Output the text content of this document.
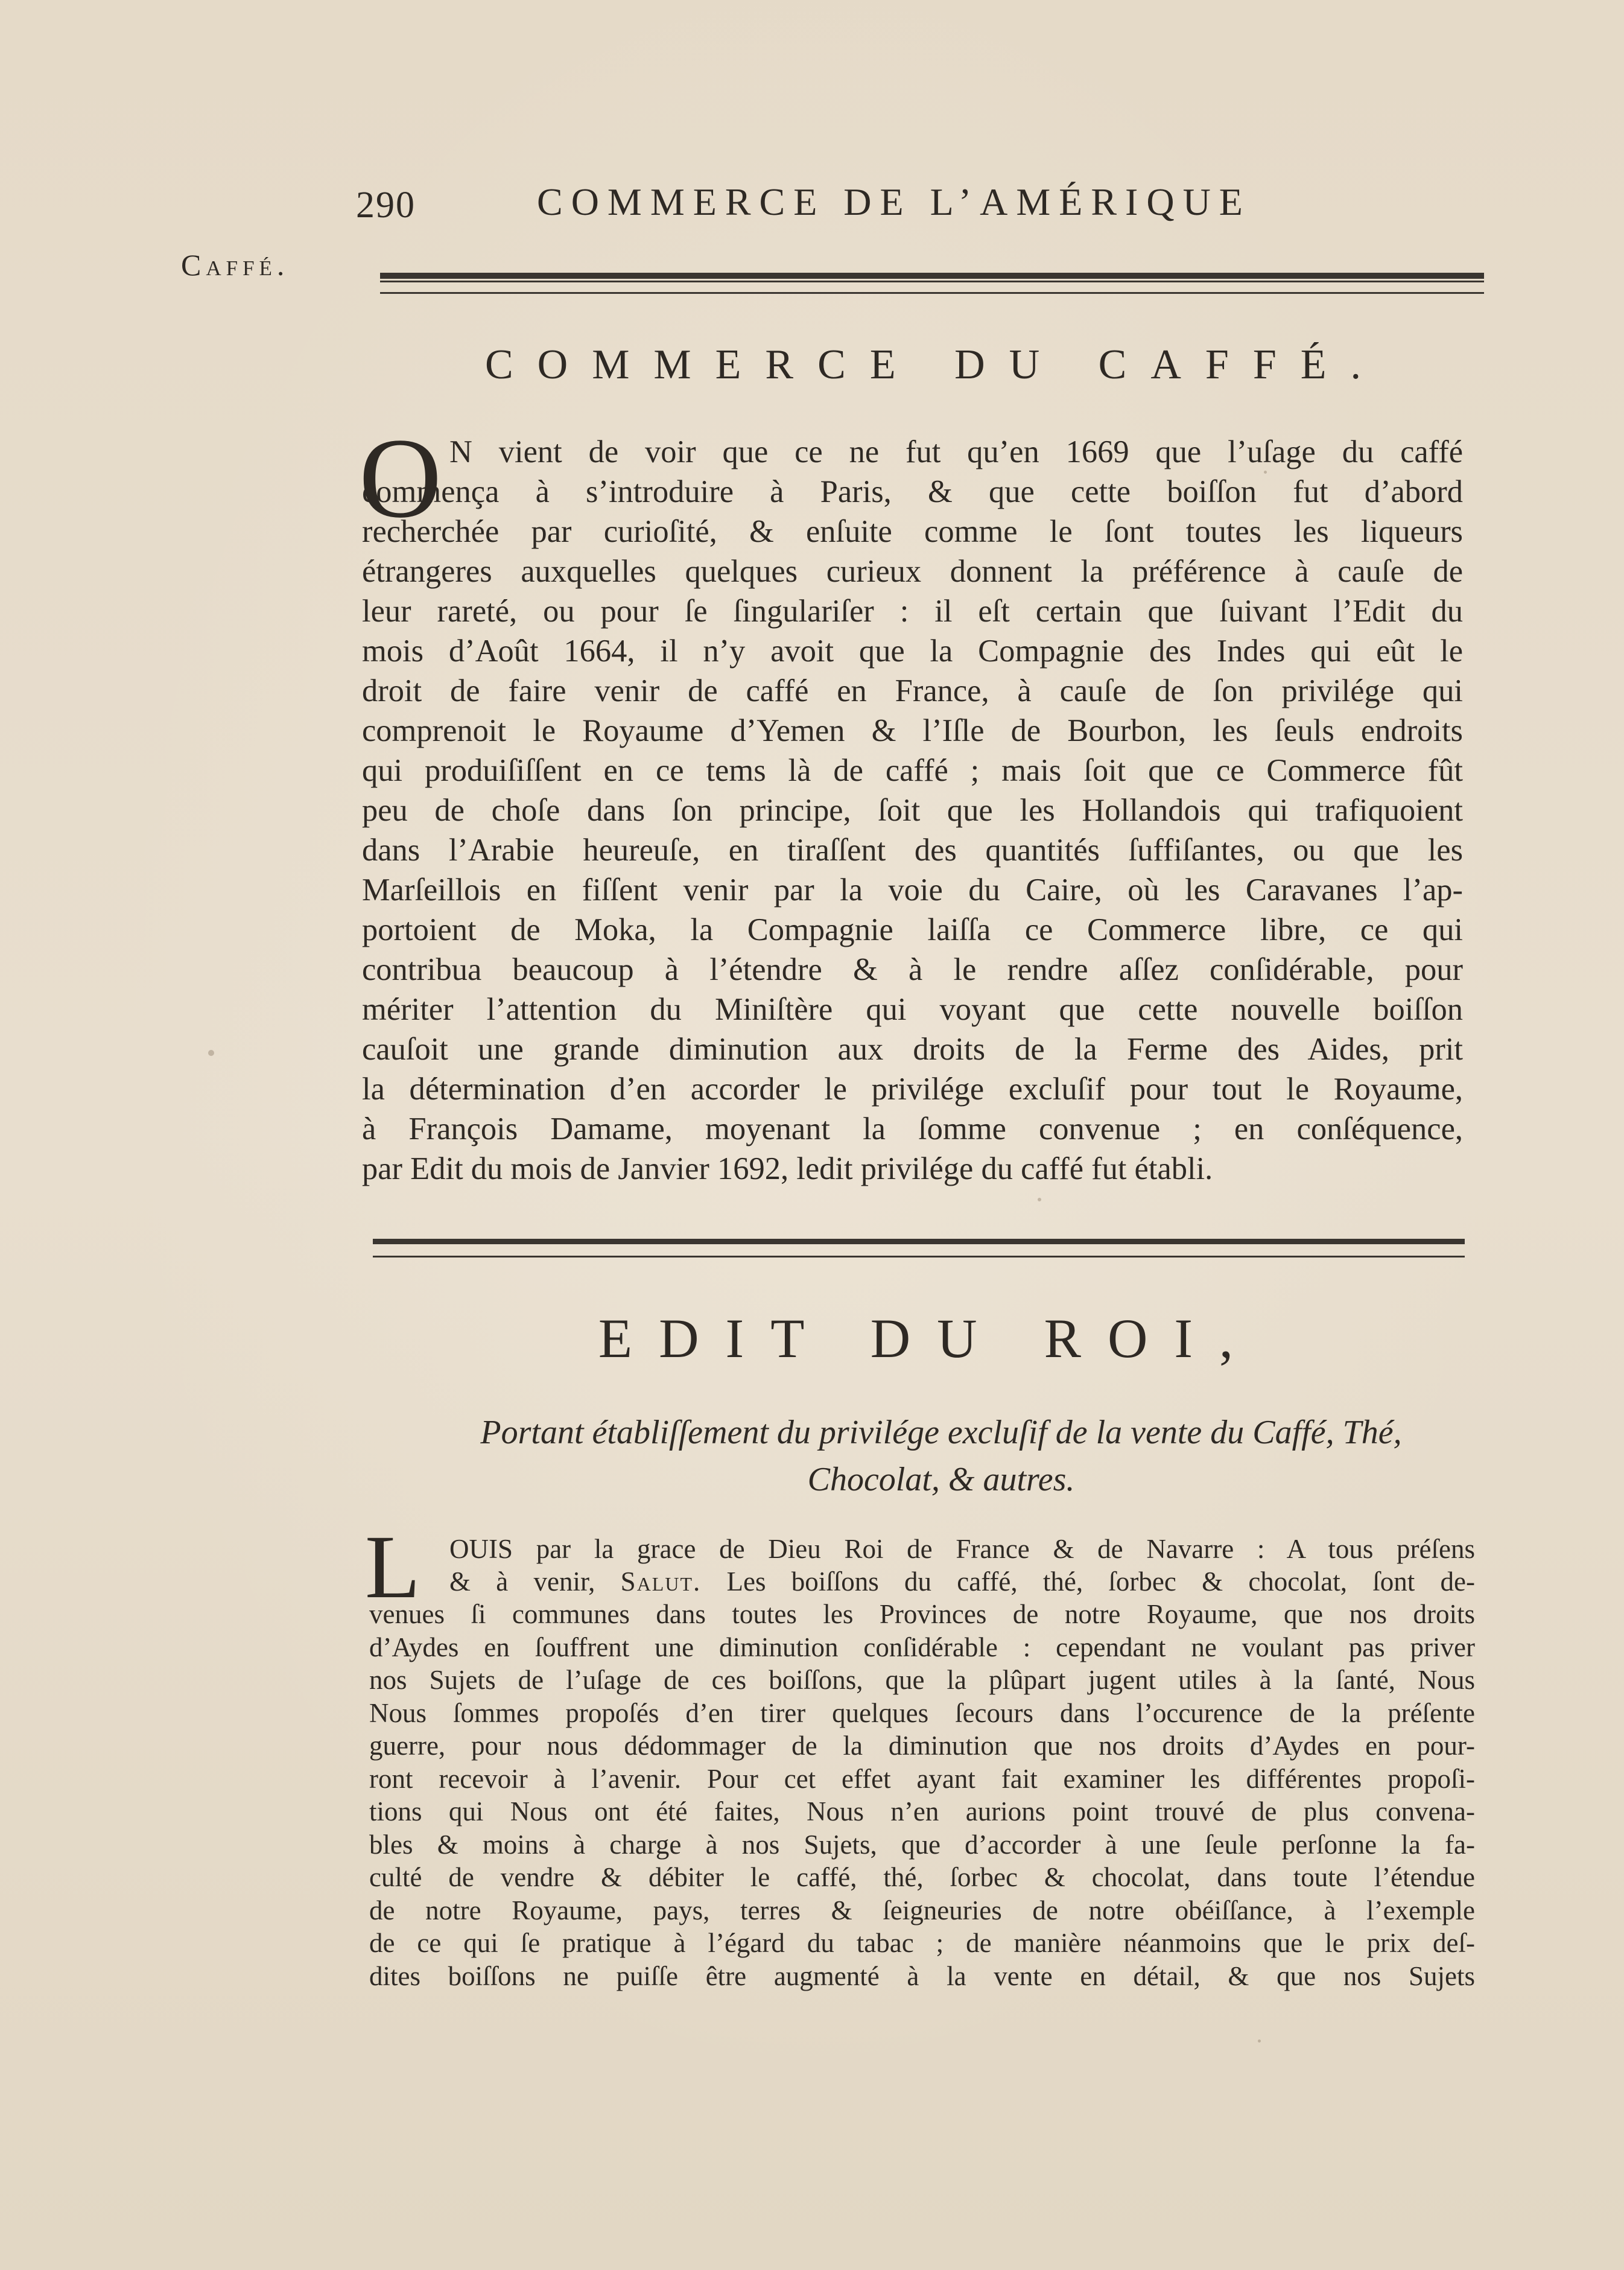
290	COMMERCE DE L’AMÉRIQUE
Caffé.
COMMERCE DU CAFFÉ.
O N vient de voir que ce ne fut qu’en 1669 que l’uſage du caffé

commença à s’introduire à Paris, & que cette boiſſon fut d’abord
recherchée par curioſité, & enſuite comme le ſont toutes les liqueurs
étrangeres auxquelles quelques curieux donnent la préférence à cauſe de
leur rareté, ou pour ſe ſingulariſer : il eſt certain que ſuivant l’Edit du
mois d’Août 1664, il n’y avoit que la Compagnie des Indes qui eût le
droit de faire venir de caffé en France, à cauſe de ſon privilége qui
comprenoit le Royaume d’Yemen & l’Iſle de Bourbon, les ſeuls endroits
qui produiſiſſent en ce tems là de caffé ; mais ſoit que ce Commerce fût
peu de choſe dans ſon principe, ſoit que les Hollandois qui trafiquoient
dans l’Arabie heureuſe, en tiraſſent des quantités ſuffiſantes, ou que les
Marſeillois en fiſſent venir par la voie du Caire, où les Caravanes l’ap-
portoient de Moka, la Compagnie laiſſa ce Commerce libre, ce qui
contribua beaucoup à l’étendre & à le rendre aſſez conſidérable, pour
mériter l’attention du Miniſtère qui voyant que cette nouvelle boiſſon
cauſoit une grande diminution aux droits de la Ferme des Aides, prit
la détermination d’en accorder le privilége excluſif pour tout le Royaume,
à François Damame, moyenant la ſomme convenue ; en conſéquence,
par Edit du mois de Janvier 1692, ledit privilége du caffé fut établi.
EDIT DU ROI,
Portant établiſſement du privilége excluſif de la vente du Caffé, Thé,
Chocolat, & autres.
L OUIS par la grace de Dieu Roi de France & de Navarre : A tous préſens

& à venir, Salut. Les boiſſons du caffé, thé, ſorbec & chocolat, ſont de-

venues ſi communes dans toutes les Provinces de notre Royaume, que nos droits
d’Aydes en ſouffrent une diminution conſidérable : cependant ne voulant pas priver
nos Sujets de l’uſage de ces boiſſons, que la plûpart jugent utiles à la ſanté, Nous
Nous ſommes propoſés d’en tirer quelques ſecours dans l’occurence de la préſente
guerre, pour nous dédommager de la diminution que nos droits d’Aydes en pour-
ront recevoir à l’avenir. Pour cet effet ayant fait examiner les différentes propoſi-
tions qui Nous ont été faites, Nous n’en aurions point trouvé de plus convena-
bles & moins à charge à nos Sujets, que d’accorder à une ſeule perſonne la fa-
culté de vendre & débiter le caffé, thé, ſorbec & chocolat, dans toute l’étendue
de notre Royaume, pays, terres & ſeigneuries de notre obéiſſance, à l’exemple
de ce qui ſe pratique à l’égard du tabac ; de manière néanmoins que le prix deſ-
dites boiſſons ne puiſſe être augmenté à la vente en détail, & que nos Sujets
